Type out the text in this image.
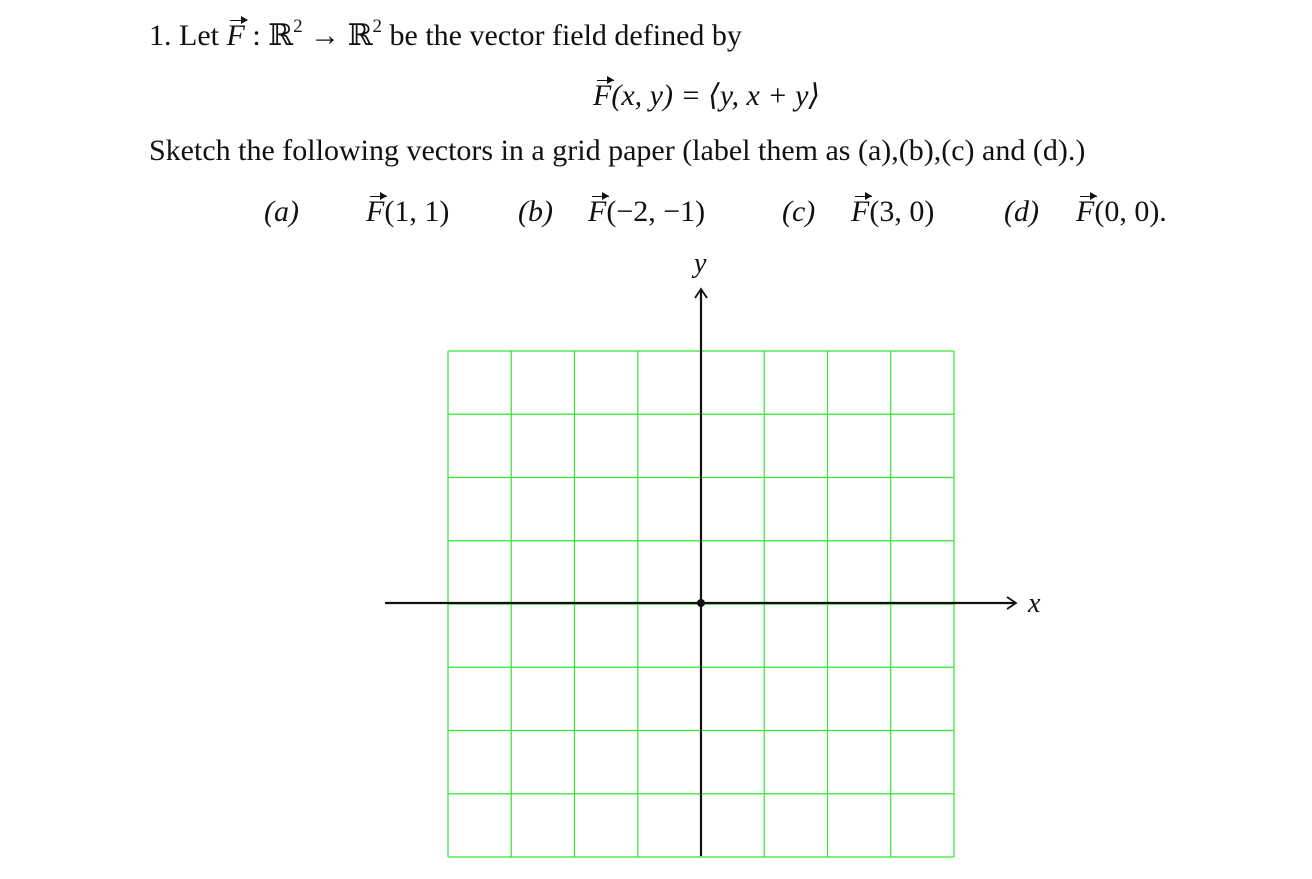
1. Let F : ℝ$^2$ → ℝ$^2$ be the vector field defined by
F(x, y) = ⟨y, x + y⟩
Sketch the following vectors in a grid paper (label them as (a),(b),(c) and (d).)
(a) F(1, 1) (b) F(−2, −1)	(c) F(3, 0) (d) F(0, 0).
x
y
